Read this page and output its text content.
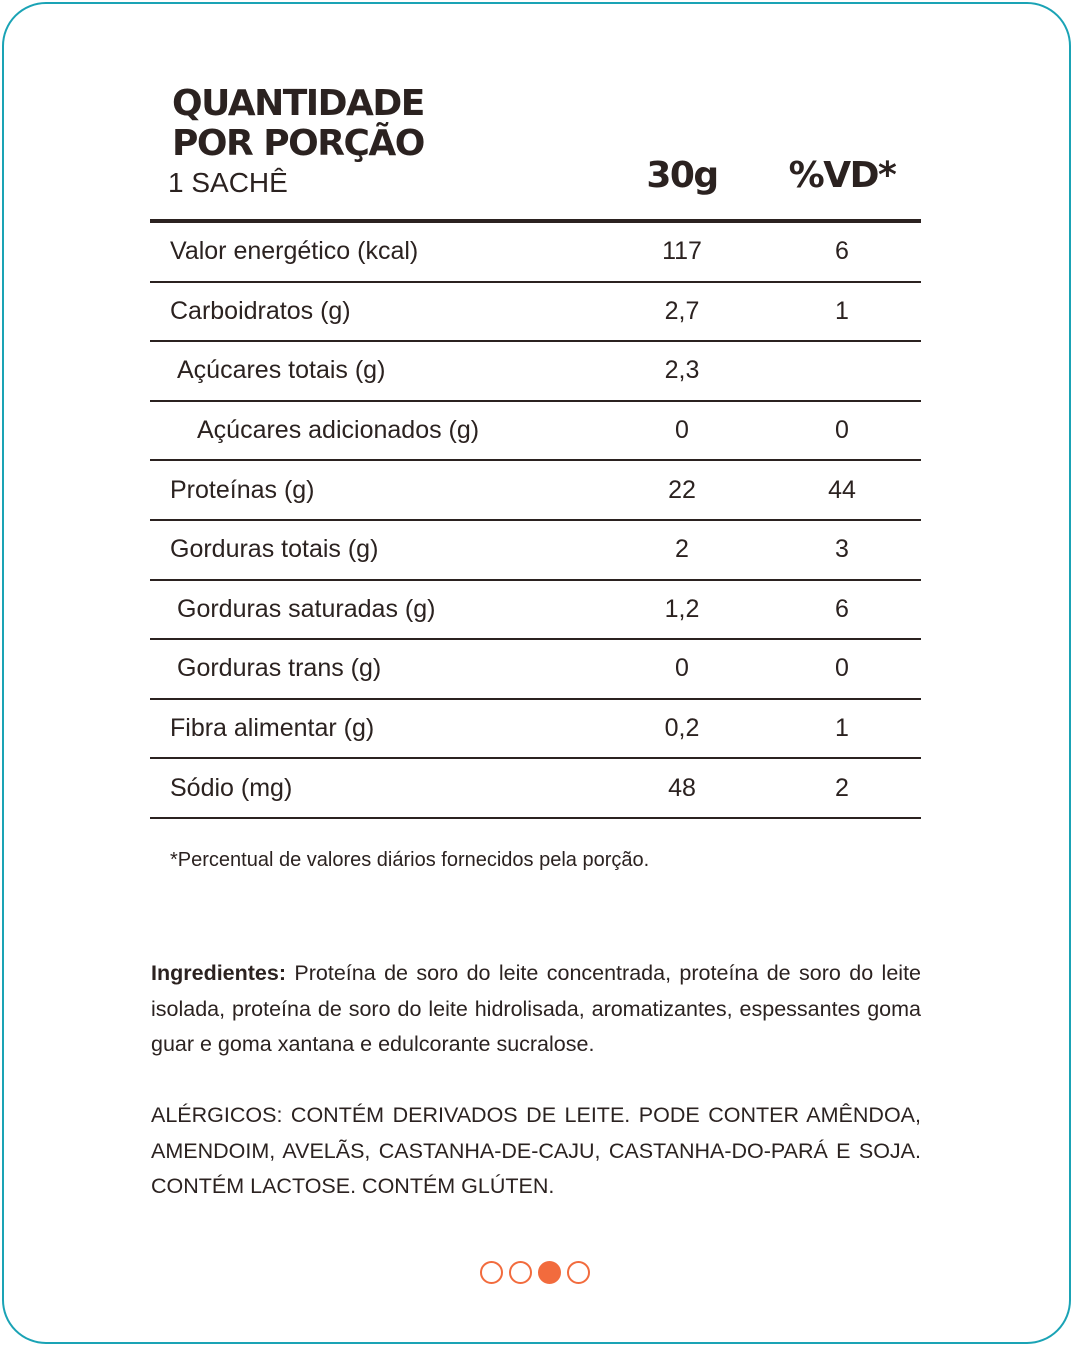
QUANTIDADE
POR PORÇÃO
1 SACHÊ	30g	%VD*
Valor energético (kcal)	117	6
Carboidratos (g)	2,7	1
Açúcares totais (g)	2,3
Açúcares adicionados (g)	0	0
Proteínas (g)	22	44
Gorduras totais (g)	2	3
Gorduras saturadas (g)	1,2	6
Gorduras trans (g)	0	0
Fibra alimentar (g)	0,2	1
Sódio (mg)	48	2
*Percentual de valores diários fornecidos pela porção.
Ingredientes: Proteína de soro do leite concentrada, proteína de soro do leite isolada, proteína de soro do leite hidrolisada, aromatizantes, espessantes goma guar e goma xantana e edulcorante sucralose.
ALÉRGICOS: CONTÉM DERIVADOS DE LEITE. PODE CONTER AMÊNDOA, AMENDOIM, AVELÃS, CASTANHA-DE-CAJU, CASTANHA-DO-PARÁ E SOJA. CONTÉM LACTOSE. CONTÉM GLÚTEN.
